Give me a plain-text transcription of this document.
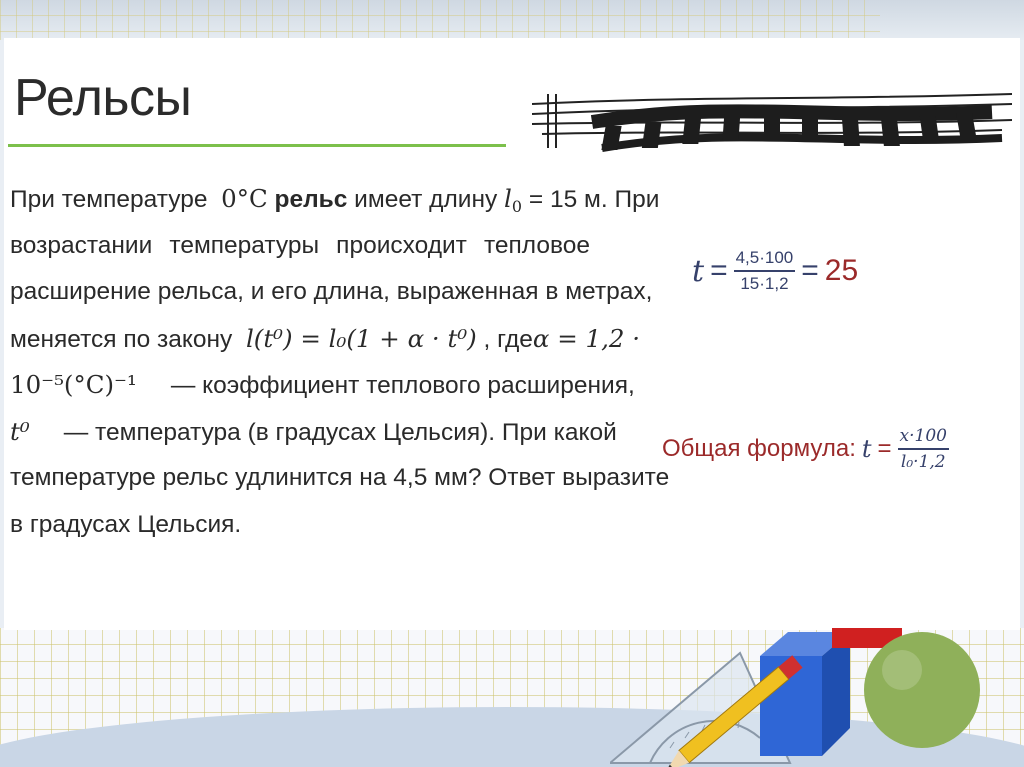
Рельсы
При температуре 0°C рельс имеет длину $l_0 = 15$ м. При
возрастании температуры происходит тепловое
расширение рельса, и его длина, выраженная в метрах,
меняется по закону l(t⁰) = l₀(1 + α · t⁰) , гдеα = 1,2 ·
10⁻⁵(°C)⁻¹ — коэффициент теплового расширения,
t⁰ — температура (в градусах Цельсия). При какой
температуре рельс удлинится на 4,5 мм? Ответ выразите
в градусах Цельсия.
$t = \frac{4,5\cdot 100}{15\cdot 1,2} = 25$
Общая формула: $t = \frac{x\cdot 100}{\text{l₀·1,2}}$
